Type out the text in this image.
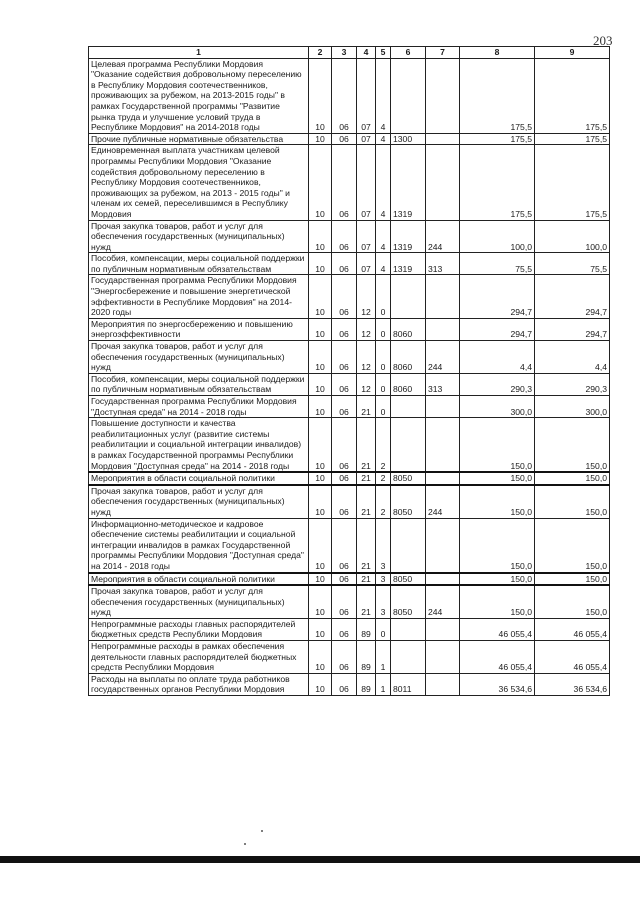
203
1	2	3	4	5	6	7	8	9
Целевая программа Республики Мордовия "Оказание содействия добровольному переселению в Республику Мордовия соотечественников, проживающих за рубежом, на 2013-2015 годы" в рамках Государственной программы "Развитие рынка труда и улучшение условий труда в Республике Мордовия" на 2014-2018 годы	10	06	07	4			175,5	175,5
Прочие публичные нормативные обязательства	10	06	07	4	1300		175,5	175,5
Единовременная выплата участникам целевой программы Республики Мордовия "Оказание содействия добровольному переселению в Республику Мордовия соотечественников, проживающих за рубежом, на 2013 - 2015 годы" и членам их семей, переселившимся в Республику Мордовия	10	06	07	4	1319		175,5	175,5
Прочая закупка товаров, работ и услуг для обеспечения государственных (муниципальных) нужд	10	06	07	4	1319	244	100,0	100,0
Пособия, компенсации, меры социальной поддержки по публичным нормативным обязательствам	10	06	07	4	1319	313	75,5	75,5
Государственная программа Республики Мордовия "Энергосбережение и повышение энергетической эффективности в Республике Мордовия" на 2014-2020 годы	10	06	12	0			294,7	294,7
Мероприятия по энергосбережению и повышению энергоэффективности	10	06	12	0	8060		294,7	294,7
Прочая закупка товаров, работ и услуг для обеспечения государственных (муниципальных) нужд	10	06	12	0	8060	244	4,4	4,4
Пособия, компенсации, меры социальной поддержки по публичным нормативным обязательствам	10	06	12	0	8060	313	290,3	290,3
Государственная программа Республики Мордовия "Доступная среда" на 2014 - 2018 годы	10	06	21	0			300,0	300,0
Повышение доступности и качества реабилитационных услуг (развитие системы реабилитации и социальной интеграции инвалидов) в рамках Государственной программы Республики Мордовия "Доступная среда" на 2014 - 2018 годы	10	06	21	2			150,0	150,0
Мероприятия в области социальной политики	10	06	21	2	8050		150,0	150,0
Прочая закупка товаров, работ и услуг для обеспечения государственных (муниципальных) нужд	10	06	21	2	8050	244	150,0	150,0
Информационно-методическое и кадровое обеспечение системы реабилитации и социальной интеграции инвалидов в рамках Государственной программы Республики Мордовия "Доступная среда" на 2014 - 2018 годы	10	06	21	3			150,0	150,0
Мероприятия в области социальной политики	10	06	21	3	8050		150,0	150,0
Прочая закупка товаров, работ и услуг для обеспечения государственных (муниципальных) нужд	10	06	21	3	8050	244	150,0	150,0
Непрограммные расходы главных распорядителей бюджетных средств Республики Мордовия	10	06	89	0			46 055,4	46 055,4
Непрограммные расходы в рамках обеспечения деятельности главных распорядителей бюджетных средств Республики Мордовия	10	06	89	1			46 055,4	46 055,4
Расходы на выплаты по оплате труда работников государственных органов Республики Мордовия	10	06	89	1	8011		36 534,6	36 534,6
